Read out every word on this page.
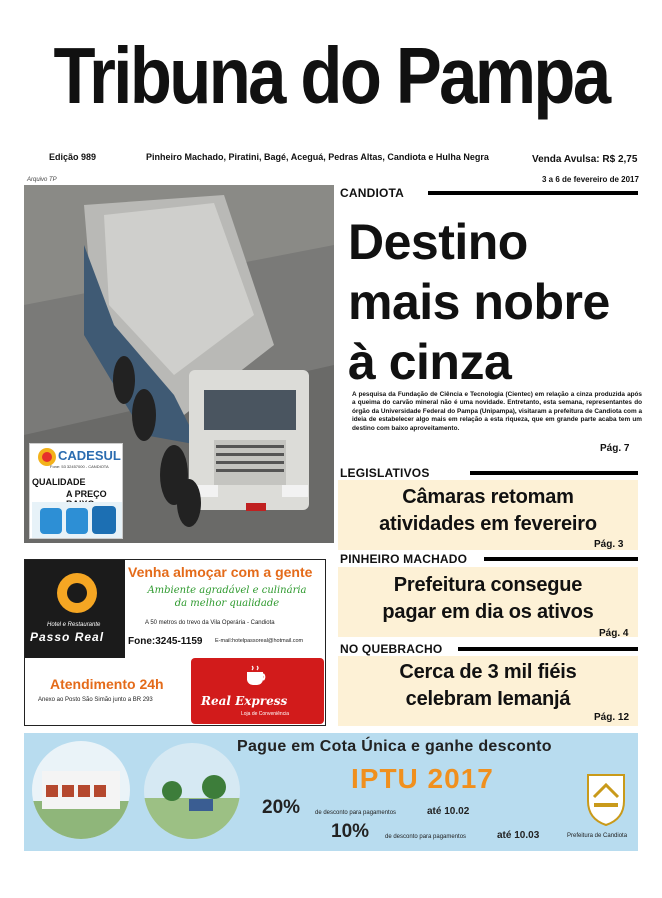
Tribuna do Pampa
Edição 989	Pinheiro Machado, Piratini, Bagé, Aceguá, Pedras Altas, Candiota e Hulha Negra	Venda Avulsa: R$ 2,75
3 a 6 de fevereiro de 2017
Arquivo TP
CADESUL
Fone: 53 32457000 - CANDIOTA
QUALIDADE
A PREÇO
CANDIOTA
Destino
mais nobre
à cinza
A pesquisa da Fundação de Ciência e Tecnologia (Cientec) em relação a cinza produzida após a queima do carvão mineral não é uma novidade. Entretanto, esta semana, representantes do órgão da Universidade Federal do Pampa (Unipampa), visitaram a prefeitura de Candiota com a ideia de estabelecer algo mais em relação a esta riqueza, que em grande parte acaba tem um destino com baixo aproveitamento.
Pág. 7
LEGISLATIVOS
Câmaras retomam
atividades em fevereiro
Pág. 3
PINHEIRO MACHADO
Prefeitura consegue
pagar em dia os ativos
Pág. 4
NO QUEBRACHO
Cerca de 3 mil fiéis
celebram Iemanjá
Pág. 12
Hotel e Restaurante
Passo Real
Venha almoçar com a gente
Ambiente agradável e culinária
da melhor qualidade
A 50 metros do trevo da Vila Operária - Candiota
Fone:3245-1159 E-mail:hotelpassoreal@hotmail.com
Atendimento 24h
Anexo ao Posto São Simão junto a BR 293	Real Express
Loja de Conveniência
Pague em Cota Única e ganhe desconto
IPTU 2017
20% de desconto para pagamentos	até 10.02
10%	de desconto para pagamentos	até 10.03	Prefeitura de Candiota
